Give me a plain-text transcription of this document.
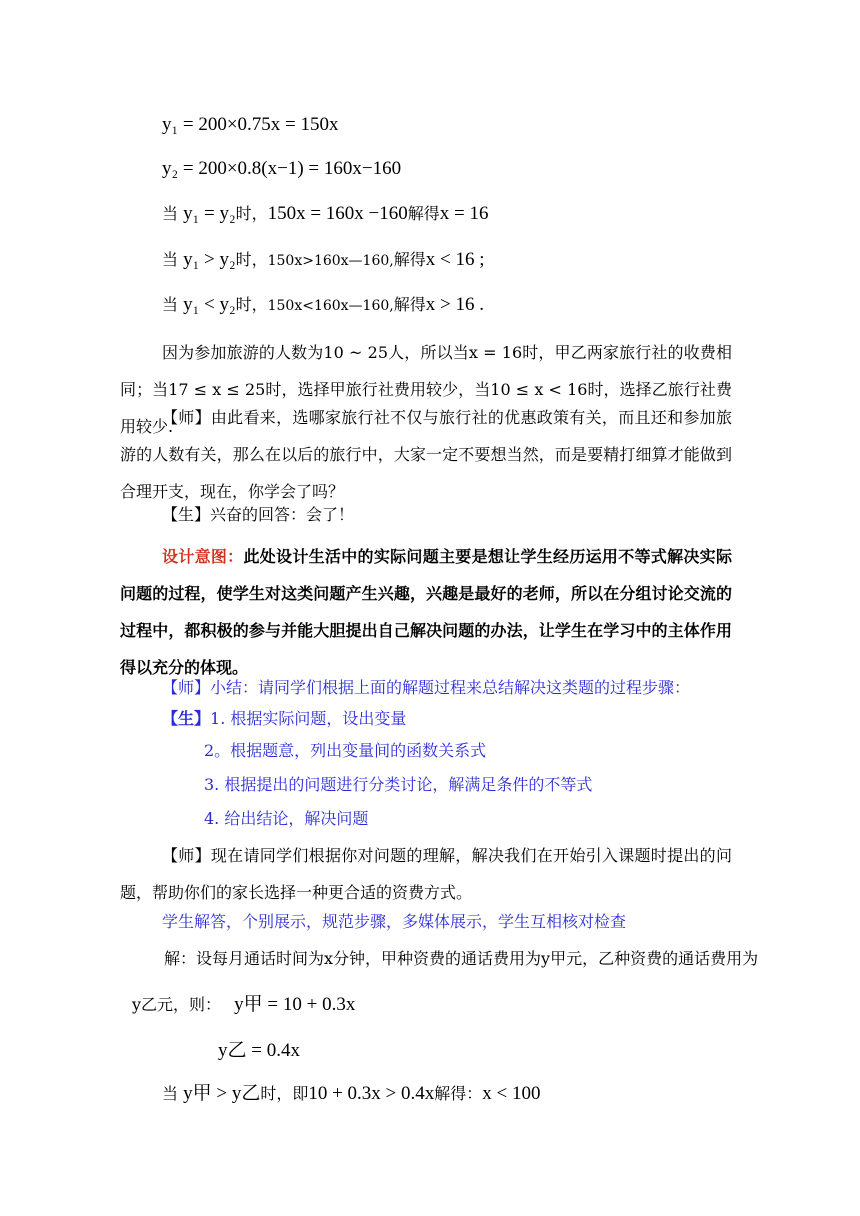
y₁ = 200×0.75x = 150x
y₂ = 200×0.8(x−1) = 160x−160
当 y₁ = y₂时，150x = 160x −160解得x = 16
当 y₁ > y₂时，150x>160x—160,解得x < 16 ;
当 y₁ < y₂时，150x<160x—160,解得x > 16 .
因为参加旅游的人数为10 ~ 25人，所以当x = 16时，甲乙两家旅行社的收费相同；当17 ≤ x ≤ 25时，选择甲旅行社费用较少，当10 ≤ x < 16时，选择乙旅行社费用较少.
【师】由此看来，选哪家旅行社不仅与旅行社的优惠政策有关，而且还和参加旅游的人数有关，那么在以后的旅行中，大家一定不要想当然，而是要精打细算才能做到合理开支，现在，你学会了吗？
【生】兴奋的回答：会了！
设计意图：此处设计生活中的实际问题主要是想让学生经历运用不等式解决实际问题的过程，使学生对这类问题产生兴趣，兴趣是最好的老师，所以在分组讨论交流的过程中，都积极的参与并能大胆提出自己解决问题的办法，让学生在学习中的主体作用得以充分的体现。
【师】小结：请同学们根据上面的解题过程来总结解决这类题的过程步骤：
【生】1. 根据实际问题，设出变量
2。根据题意，列出变量间的函数关系式
3. 根据提出的问题进行分类讨论，解满足条件的不等式
4. 给出结论，解决问题
【师】现在请同学们根据你对问题的理解，解决我们在开始引入课题时提出的问题，帮助你们的家长选择一种更合适的资费方式。
学生解答，个别展示，规范步骤，多媒体展示，学生互相核对检查
解：设每月通话时间为x分钟，甲种资费的通话费用为y甲元，乙种资费的通话费用为
y乙元，则： y甲 = 10 + 0.3x
y乙 = 0.4x
当 y甲 > y乙时，即10 + 0.3x > 0.4x解得：x < 100
